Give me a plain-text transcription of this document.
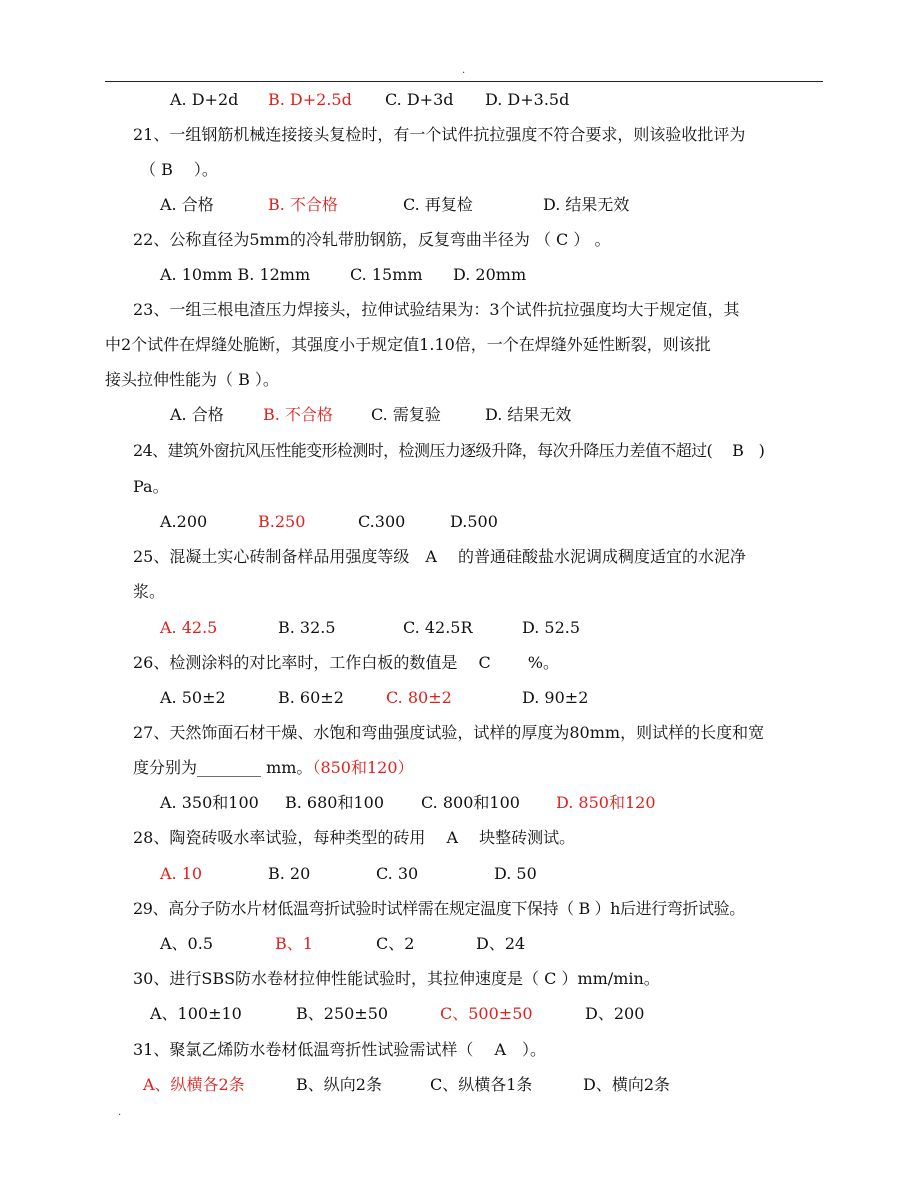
.
A. D+2d B. D+2.5d C. D+3d D. D+3.5d
21、一组钢筋机械连接接头复检时，有一个试件抗拉强度不符合要求，则该验收批评为
（ B　 ）。
A. 合格	B. 不合格	C. 再复检	D. 结果无效
22、公称直径为5mm的冷轧带肋钢筋，反复弯曲半径为 （ C ） 。
A. 10mm B. 12mm C. 15mm D. 20mm
23、一组三根电渣压力焊接头，拉伸试验结果为：3个试件抗拉强度均大于规定值，其
中2个试件在焊缝处脆断，其强度小于规定值1.10倍，一个在焊缝外延性断裂，则该批
接头拉伸性能为（ B ）。
A. 合格 B. 不合格 C. 需复验	D. 结果无效
24、建筑外窗抗风压性能变形检测时，检测压力逐级升降，每次升降压力差值不超过(　 B　)
Pa。
A.200	B.250	C.300	D.500
25、混凝土实心砖制备样品用强度等级　A　 的普通硅酸盐水泥调成稠度适宜的水泥净
浆。
A. 42.5	B. 32.5	C. 42.5R	D. 52.5
26、检测涂料的对比率时，工作白板的数值是　 C　　 %。
A. 50±2	B. 60±2	C. 80±2	D. 90±2
27、天然饰面石材干燥、水饱和弯曲强度试验，试样的厚度为80mm，则试样的长度和宽
度分别为________ mm。（850和120）
A. 350和100 B. 680和100 C. 800和100 D. 850和120
28、陶瓷砖吸水率试验，每种类型的砖用　 A　 块整砖测试。
A. 10	B. 20	C. 30	D. 50
29、高分子防水片材低温弯折试验时试样需在规定温度下保持（ B ）h后进行弯折试验。
A、0.5	B、1	C、2	D、24
30、进行SBS防水卷材拉伸性能试验时，其拉伸速度是（ C ）mm/min。
A、100±10	B、250±50	C、500±50	D、200
31、聚氯乙烯防水卷材低温弯折性试验需试样（　 A　）。
A、纵横各2条	B、纵向2条	C、纵横各1条	D、横向2条
.
